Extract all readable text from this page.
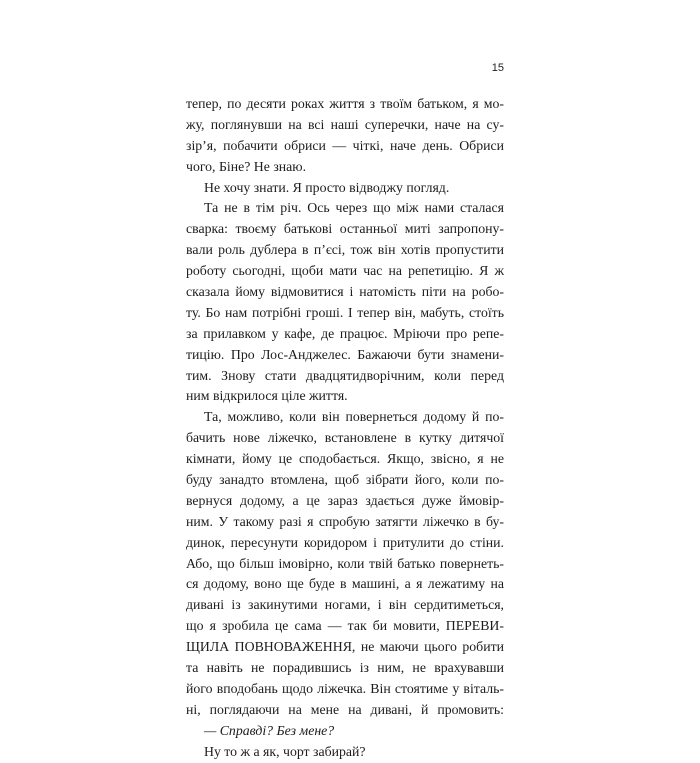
15
тепер, по десяти роках життя з твоїм батьком, я мо-
жу, поглянувши на всі наші суперечки, наче на су-
зір’я, побачити обриси — чіткі, наче день. Обриси
чого, Біне? Не знаю.
Не хочу знати. Я просто відводжу погляд.
Та не в тім річ. Ось через що між нами сталася
сварка: твоєму батькові останньої миті запропону-
вали роль дублера в п’єсі, тож він хотів пропустити
роботу сьогодні, щоби мати час на репетицію. Я ж
сказала йому відмовитися і натомість піти на робо-
ту. Бо нам потрібні гроші. І тепер він, мабуть, стоїть
за прилавком у кафе, де працює. Мріючи про репе-
тицію. Про Лос-Анджелес. Бажаючи бути знамени-
тим. Знову стати двадцятидворічним, коли перед
ним відкрилося ціле життя.
Та, можливо, коли він повернеться додому й по-
бачить нове ліжечко, встановлене в кутку дитячої
кімнати, йому це сподобається. Якщо, звісно, я не
буду занадто втомлена, щоб зібрати його, коли по-
вернуся додому, а це зараз здається дуже ймовір-
ним. У такому разі я спробую затягти ліжечко в бу-
динок, пересунути коридором і притулити до стіни.
Або, що більш імовірно, коли твій батько повернеть-
ся додому, воно ще буде в машині, а я лежатиму на
дивані із закинутими ногами, і він сердитиметься,
що я зробила це сама — так би мовити, ПЕРЕВИ-
ЩИЛА ПОВНОВАЖЕННЯ, не маючи цього робити
та навіть не порадившись із ним, не врахувавши
його вподобань щодо ліжечка. Він стоятиме у віталь-
ні, поглядаючи на мене на дивані, й промовить:
— Справді? Без мене?
Ну то ж а як, чорт забирай?
